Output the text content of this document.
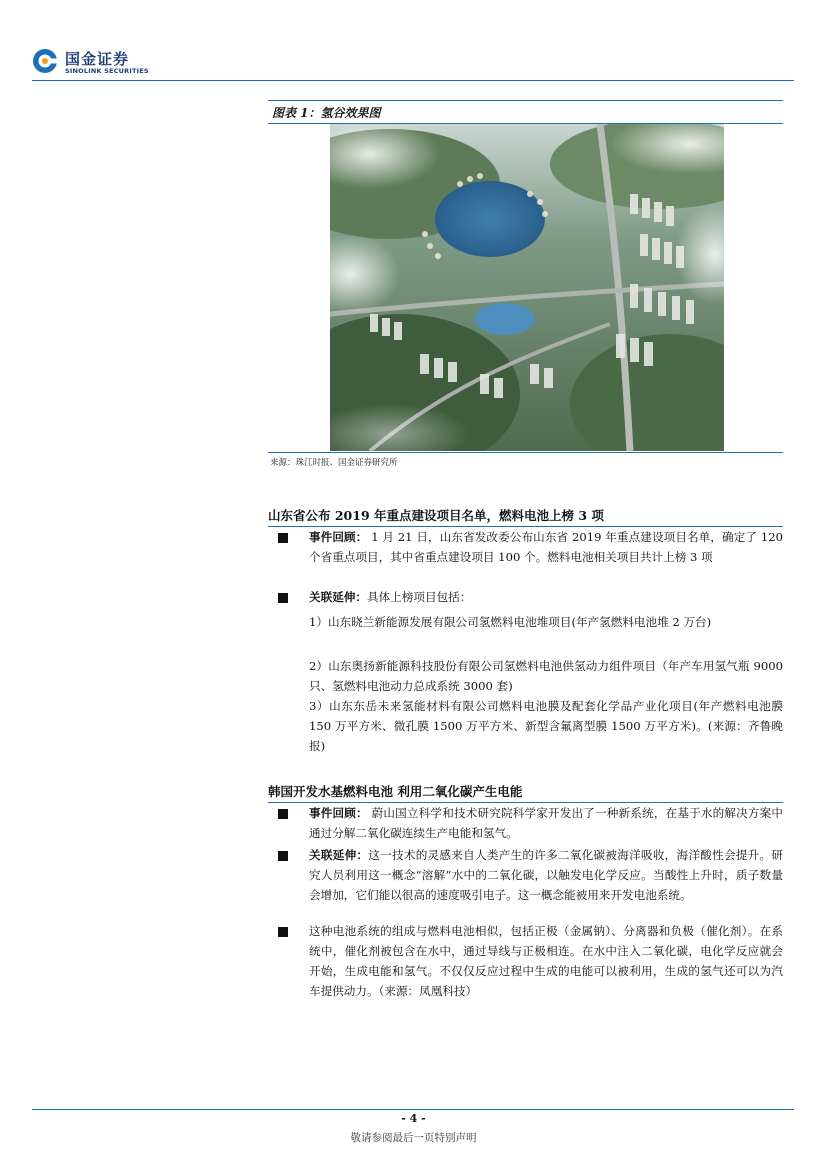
国金证券
SINOLINK SECURITIES
图表 1：氢谷效果图
来源：珠江时报、国金证券研究所
山东省公布 2019 年重点建设项目名单，燃料电池上榜 3 项
事件回顾： 1 月 21 日，山东省发改委公布山东省 2019 年重点建设项目名单，确定了 120 个省重点项目，其中省重点建设项目 100 个。燃料电池相关项目共计上榜 3 项
关联延伸：具体上榜项目包括：
1）山东晓兰新能源发展有限公司氢燃料电池堆项目(年产氢燃料电池堆 2 万台)
2）山东奥扬新能源科技股份有限公司氢燃料电池供氢动力组件项目（年产车用氢气瓶 9000 只、氢燃料电池动力总成系统 3000 套)
3）山东东岳未来氢能材料有限公司燃料电池膜及配套化学品产业化项目(年产燃料电池膜 150 万平方米、微孔膜 1500 万平方米、新型含氟离型膜 1500 万平方米)。(来源：齐鲁晚报)
韩国开发水基燃料电池 利用二氧化碳产生电能
事件回顾： 蔚山国立科学和技术研究院科学家开发出了一种新系统，在基于水的解决方案中通过分解二氧化碳连续生产电能和氢气。
关联延伸：这一技术的灵感来自人类产生的许多二氧化碳被海洋吸收，海洋酸性会提升。研究人员利用这一概念“溶解”水中的二氧化碳，以触发电化学反应。当酸性上升时，质子数量会增加，它们能以很高的速度吸引电子。这一概念能被用来开发电池系统。
这种电池系统的组成与燃料电池相似，包括正极（金属钠）、分离器和负极（催化剂）。在系统中，催化剂被包含在水中，通过导线与正极相连。在水中注入二氧化碳，电化学反应就会开始，生成电能和氢气。不仅仅反应过程中生成的电能可以被利用，生成的氢气还可以为汽车提供动力。（来源：凤凰科技）
- 4 -
敬请参阅最后一页特别声明
